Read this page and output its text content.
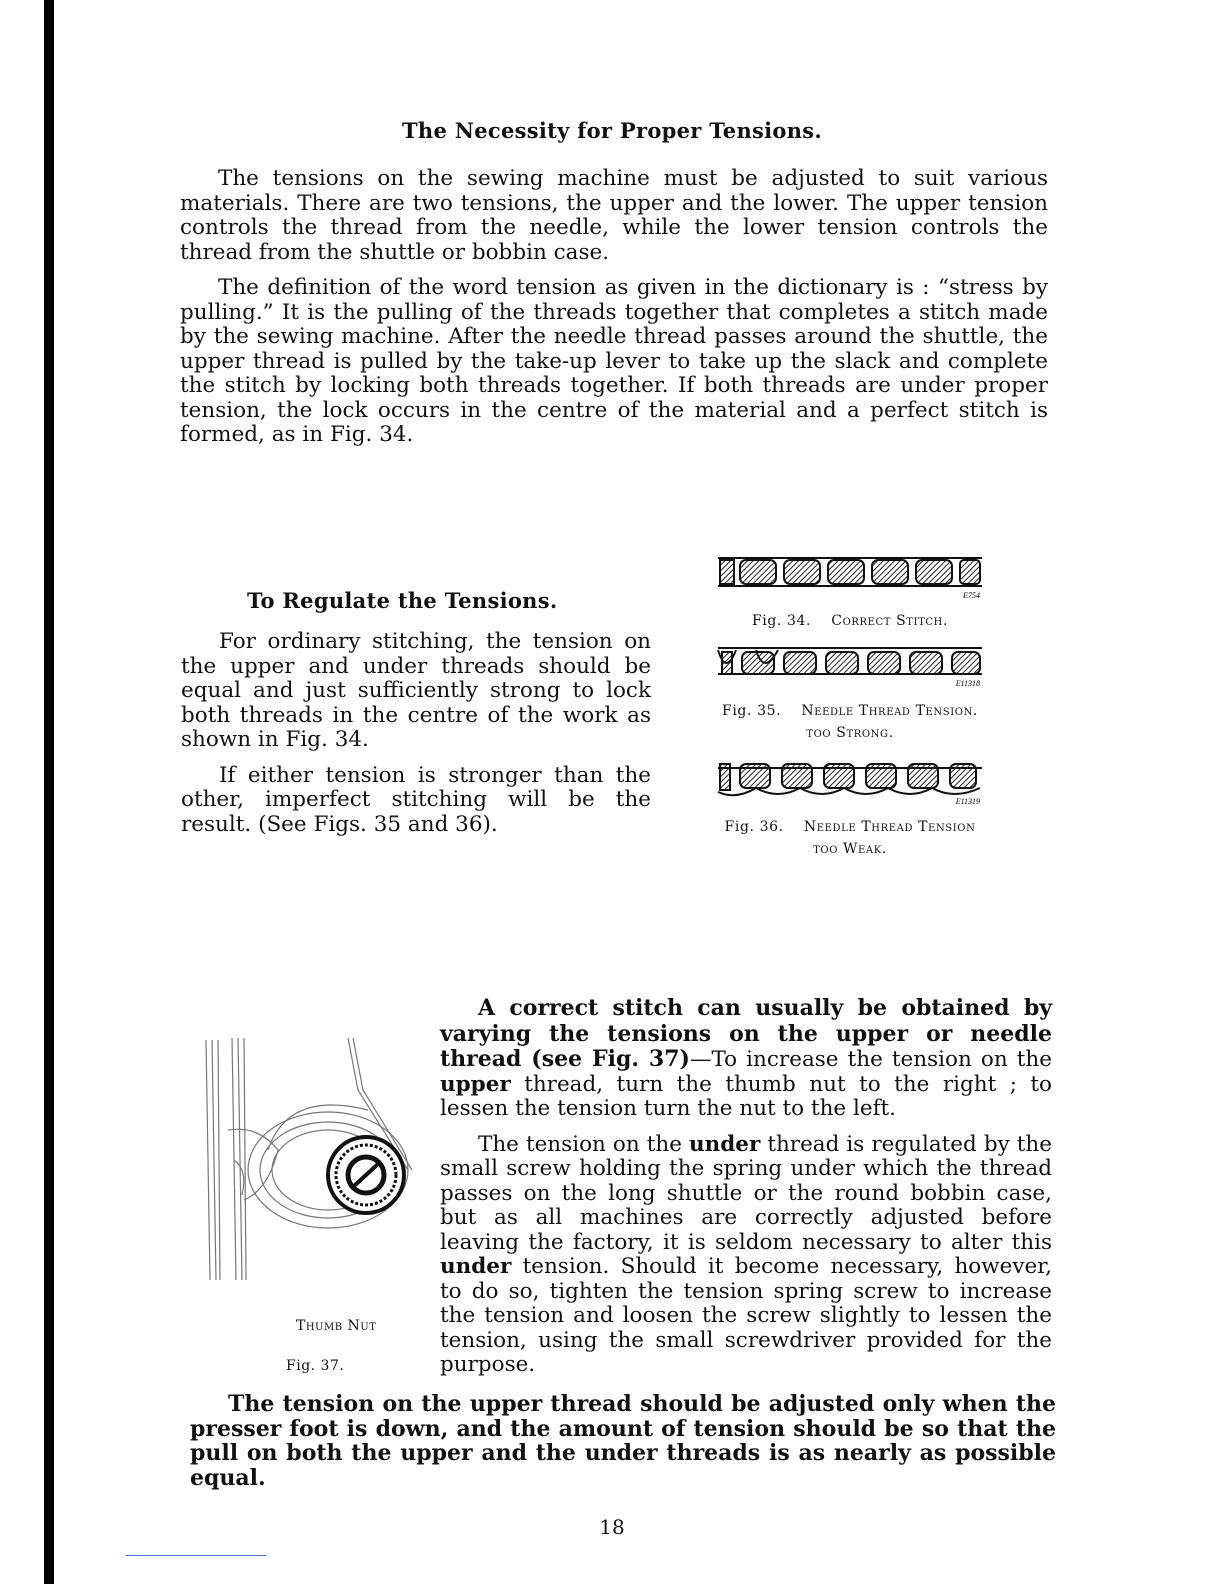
The Necessity for Proper Tensions.

The tensions on the sewing machine must be adjusted to suit various materials. There are two tensions, the upper and the lower. The upper tension controls the thread from the needle, while the lower tension controls the thread from the shuttle or bobbin case.

The definition of the word tension as given in the dictionary is : “stress by pulling.” It is the pulling of the threads together that completes a stitch made by the sewing machine. After the needle thread passes around the shuttle, the upper thread is pulled by the take-up lever to take up the slack and complete the stitch by locking both threads together. If both threads are under proper tension, the lock occurs in the centre of the material and a perfect stitch is formed, as in Fig. 34.

To Regulate the Tensions.

For ordinary stitching, the tension on the upper and under threads should be equal and just sufficiently strong to lock both threads in the centre of the work as shown in Fig. 34.

If either tension is stronger than the other, imperfect stitching will be the result. (See Figs. 35 and 36).

E754
Fig. 34. Correct Stitch.
E11318
Fig. 35. Needle Thread Tension.
too Strong.
E11319
Fig. 36. Needle Thread Tension
too Weak.
Thumb Nut
Fig. 37.

A correct stitch can usually be obtained by varying the tensions on the upper or needle thread (see Fig. 37)—To increase the tension on the upper thread, turn the thumb nut to the right ; to lessen the tension turn the nut to the left.

The tension on the under thread is regulated by the small screw holding the spring under which the thread passes on the long shuttle or the round bobbin case, but as all machines are correctly adjusted before leaving the factory, it is seldom necessary to alter this under tension. Should it become necessary, however, to do so, tighten the tension spring screw to increase the tension and loosen the screw slightly to lessen the tension, using the small screwdriver provided for the purpose.

The tension on the upper thread should be adjusted only when the presser foot is down, and the amount of tension should be so that the pull on both the upper and the under threads is as nearly as possible equal.

18
